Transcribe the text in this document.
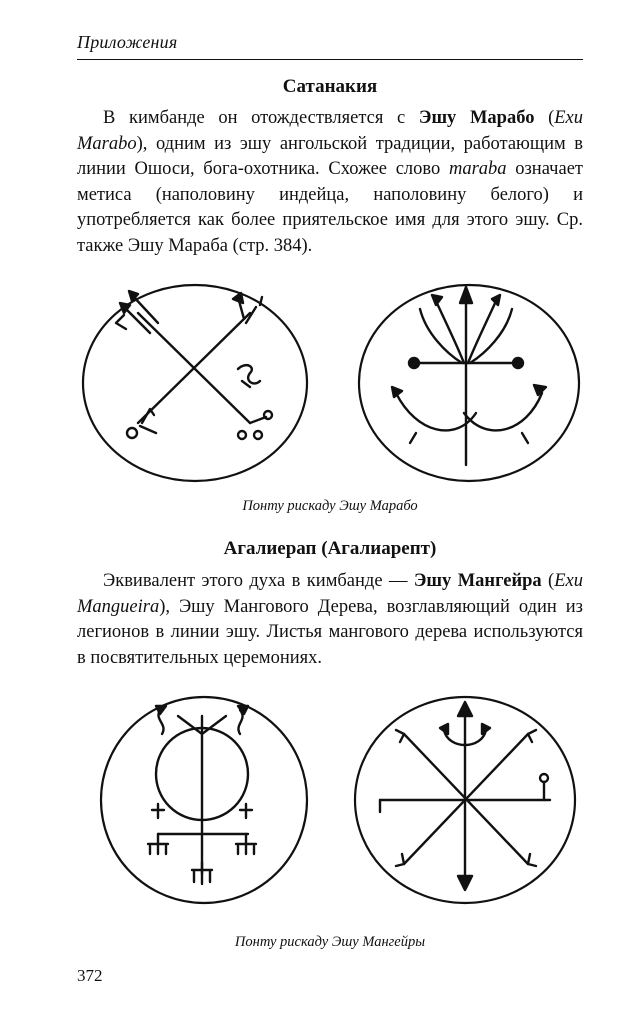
Приложения
Сатанакия

В кимбанде он отождествляется с Эшу Марабо (Exu Marabo), одним из эшу ангольской традиции, работающим в линии Ошоси, бога-охотника. Схожее слово maraba означает метиса (наполовину индейца, наполовину белого) и употребляется как более приятельское имя для этого эшу. Ср. также Эшу Мараба (стр. 384).

Понту рискаду Эшу Марабо
Агалиерап (Агалиарепт)

Эквивалент этого духа в кимбанде — Эшу Мангейра (Exu Mangueira), Эшу Мангового Дерева, возглавляющий один из легионов в линии эшу. Листья мангового дерева используются в посвятительных церемониях.

Понту рискаду Эшу Мангейры
372
